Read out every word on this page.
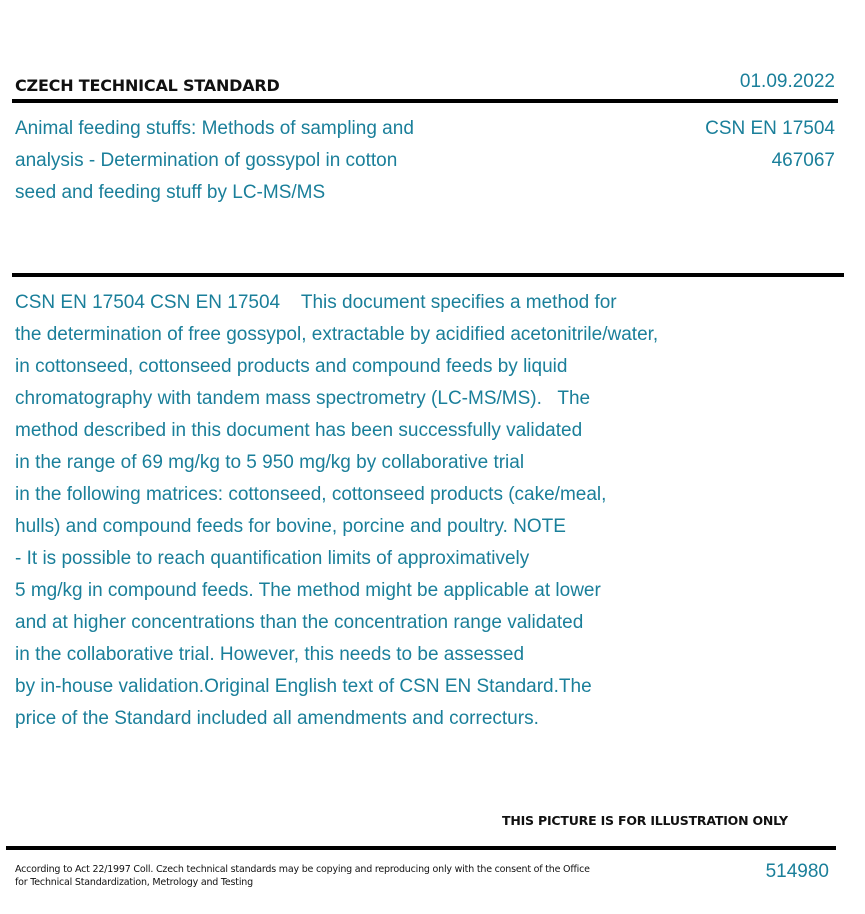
CZECH TECHNICAL STANDARD	01.09.2022
Animal feeding stuffs: Methods of sampling and
analysis - Determination of gossypol in cotton
seed and feeding stuff by LC-MS/MS
CSN EN 17504
467067
CSN EN 17504 CSN EN 17504    This document specifies a method for
the determination of free gossypol, extractable by acidified acetonitrile/water,
in cottonseed, cottonseed products and compound feeds by liquid
chromatography with tandem mass spectrometry (LC-MS/MS).   The
method described in this document has been successfully validated
in the range of 69 mg/kg to 5 950 mg/kg by collaborative trial
in the following matrices: cottonseed, cottonseed products (cake/meal,
hulls) and compound feeds for bovine, porcine and poultry. NOTE
- It is possible to reach quantification limits of approximatively
5 mg/kg in compound feeds. The method might be applicable at lower
and at higher concentrations than the concentration range validated
in the collaborative trial. However, this needs to be assessed
by in-house validation.Original English text of CSN EN Standard.The
price of the Standard included all amendments and correcturs.
THIS PICTURE IS FOR ILLUSTRATION ONLY
According to Act 22/1997 Coll. Czech technical standards may be copying and reproducing only with the consent of the Office
for Technical Standardization, Metrology and Testing
514980
